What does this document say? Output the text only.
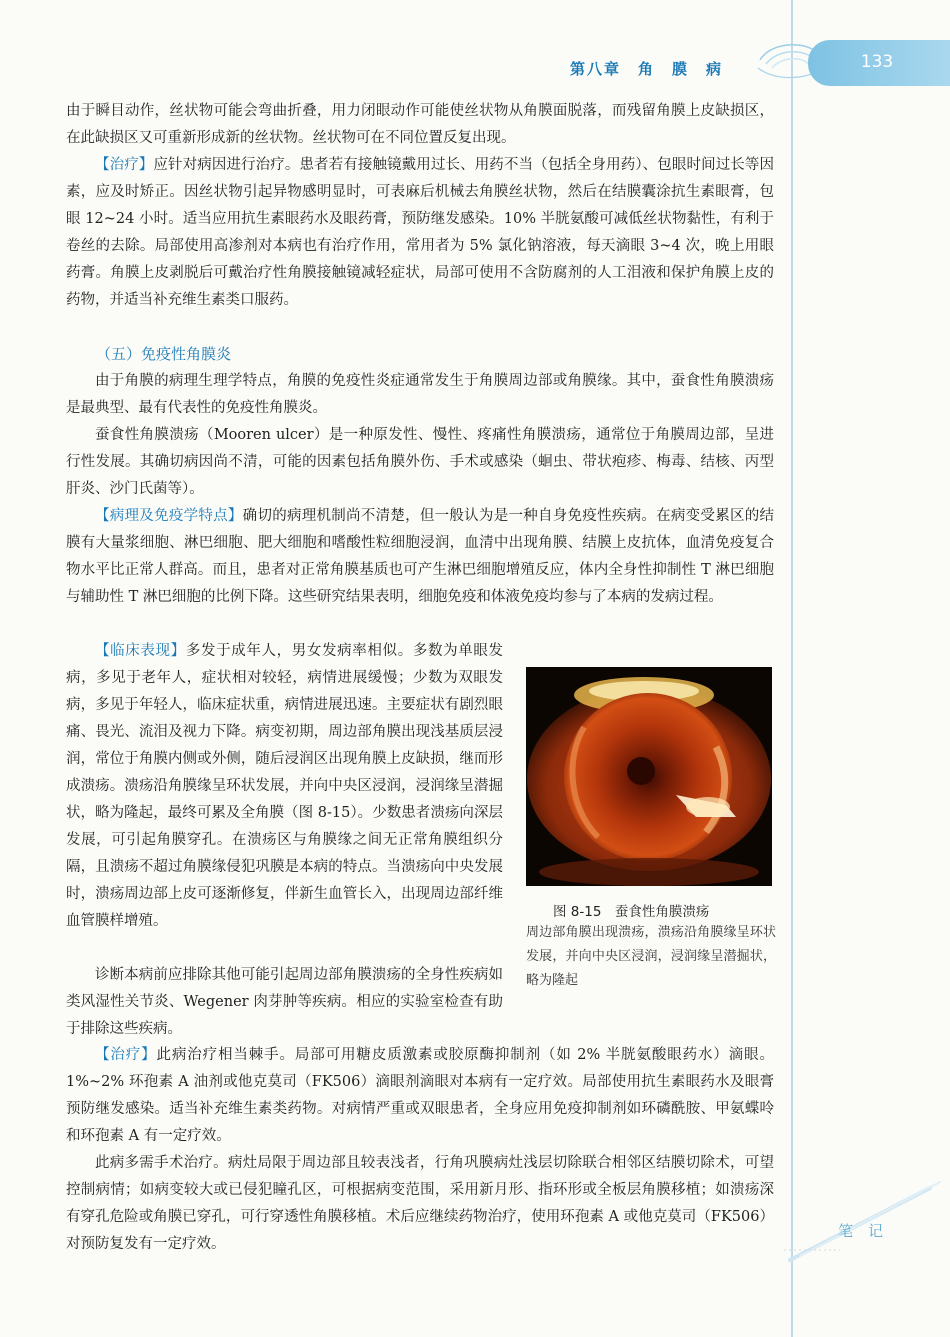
第八章　角　膜　病	133
由于瞬目动作，丝状物可能会弯曲折叠，用力闭眼动作可能使丝状物从角膜面脱落，而残留角膜上皮缺损区，在此缺损区又可重新形成新的丝状物。丝状物可在不同位置反复出现。
【治疗】应针对病因进行治疗。患者若有接触镜戴用过长、用药不当（包括全身用药）、包眼时间过长等因素，应及时矫正。因丝状物引起异物感明显时，可表麻后机械去角膜丝状物，然后在结膜囊涂抗生素眼膏，包眼 12~24 小时。适当应用抗生素眼药水及眼药膏，预防继发感染。10% 半胱氨酸可减低丝状物黏性，有利于卷丝的去除。局部使用高渗剂对本病也有治疗作用，常用者为 5% 氯化钠溶液，每天滴眼 3~4 次，晚上用眼药膏。角膜上皮剥脱后可戴治疗性角膜接触镜减轻症状，局部可使用不含防腐剂的人工泪液和保护角膜上皮的药物，并适当补充维生素类口服药。
（五）免疫性角膜炎
由于角膜的病理生理学特点，角膜的免疫性炎症通常发生于角膜周边部或角膜缘。其中，蚕食性角膜溃疡是最典型、最有代表性的免疫性角膜炎。
蚕食性角膜溃疡（Mooren ulcer）是一种原发性、慢性、疼痛性角膜溃疡，通常位于角膜周边部，呈进行性发展。其确切病因尚不清，可能的因素包括角膜外伤、手术或感染（蛔虫、带状疱疹、梅毒、结核、丙型肝炎、沙门氏菌等）。
【病理及免疫学特点】确切的病理机制尚不清楚，但一般认为是一种自身免疫性疾病。在病变受累区的结膜有大量浆细胞、淋巴细胞、肥大细胞和嗜酸性粒细胞浸润，血清中出现角膜、结膜上皮抗体，血清免疫复合物水平比正常人群高。而且，患者对正常角膜基质也可产生淋巴细胞增殖反应，体内全身性抑制性 T 淋巴细胞与辅助性 T 淋巴细胞的比例下降。这些研究结果表明，细胞免疫和体液免疫均参与了本病的发病过程。
【临床表现】多发于成年人，男女发病率相似。多数为单眼发病，多见于老年人，症状相对较轻，病情进展缓慢；少数为双眼发病，多见于年轻人，临床症状重，病情进展迅速。主要症状有剧烈眼痛、畏光、流泪及视力下降。病变初期，周边部角膜出现浅基质层浸润，常位于角膜内侧或外侧，随后浸润区出现角膜上皮缺损，继而形成溃疡。溃疡沿角膜缘呈环状发展，并向中央区浸润，浸润缘呈潜掘状，略为隆起，最终可累及全角膜（图 8-15）。少数患者溃疡向深层发展，可引起角膜穿孔。在溃疡区与角膜缘之间无正常角膜组织分隔，且溃疡不超过角膜缘侵犯巩膜是本病的特点。当溃疡向中央发展时，溃疡周边部上皮可逐渐修复，伴新生血管长入，出现周边部纤维血管膜样增殖。
诊断本病前应排除其他可能引起周边部角膜溃疡的全身性疾病如类风湿性关节炎、Wegener 肉芽肿等疾病。相应的实验室检查有助于排除这些疾病。
图 8-15　蚕食性角膜溃疡
周边部角膜出现溃疡，溃疡沿角膜缘呈环状发展，并向中央区浸润，浸润缘呈潜掘状，略为隆起
【治疗】此病治疗相当棘手。局部可用糖皮质激素或胶原酶抑制剂（如 2% 半胱氨酸眼药水）滴眼。1%~2% 环孢素 A 油剂或他克莫司（FK506）滴眼剂滴眼对本病有一定疗效。局部使用抗生素眼药水及眼膏预防继发感染。适当补充维生素类药物。对病情严重或双眼患者，全身应用免疫抑制剂如环磷酰胺、甲氨蝶呤和环孢素 A 有一定疗效。
此病多需手术治疗。病灶局限于周边部且较表浅者，行角巩膜病灶浅层切除联合相邻区结膜切除术，可望控制病情；如病变较大或已侵犯瞳孔区，可根据病变范围，采用新月形、指环形或全板层角膜移植；如溃疡深有穿孔危险或角膜已穿孔，可行穿透性角膜移植。术后应继续药物治疗，使用环孢素 A 或他克莫司（FK506）对预防复发有一定疗效。
笔　记
